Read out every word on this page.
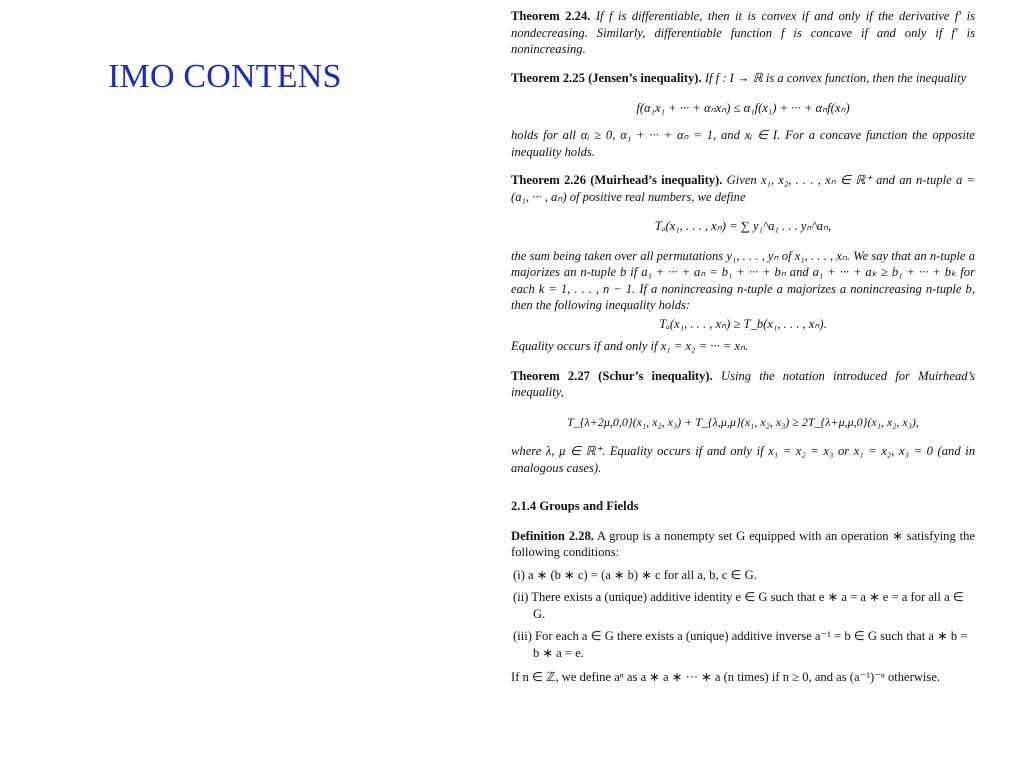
IMO CONTENS

Theorem 2.24. If f is differentiable, then it is convex if and only if the derivative f′ is nondecreasing. Similarly, differentiable function f is concave if and only if f′ is nonincreasing.

Theorem 2.25 (Jensen’s inequality). If f : I → ℝ is a convex function, then the inequality

f(α₁x₁ + ··· + αₙxₙ) ≤ α₁f(x₁) + ··· + αₙf(xₙ)

holds for all αᵢ ≥ 0, α₁ + ··· + αₙ = 1, and xᵢ ∈ I. For a concave function the opposite inequality holds.

Theorem 2.26 (Muirhead’s inequality). Given x₁, x₂, . . . , xₙ ∈ ℝ⁺ and an n-tuple a = (a₁, ··· , aₙ) of positive real numbers, we define

Tₐ(x₁, . . . , xₙ) = ∑ y₁^a₁ . . . yₙ^aₙ,

the sum being taken over all permutations y₁, . . . , yₙ of x₁, . . . , xₙ. We say that an n-tuple a majorizes an n-tuple b if a₁ + ··· + aₙ = b₁ + ··· + bₙ and a₁ + ··· + aₖ ≥ b₁ + ··· + bₖ for each k = 1, . . . , n − 1. If a nonincreasing n-tuple a majorizes a nonincreasing n-tuple b, then the following inequality holds:

Tₐ(x₁, . . . , xₙ) ≥ T_b(x₁, . . . , xₙ).

Equality occurs if and only if x₁ = x₂ = ··· = xₙ.

Theorem 2.27 (Schur’s inequality). Using the notation introduced for Muirhead’s inequality,

T_{λ+2μ,0,0}(x₁, x₂, x₃) + T_{λ,μ,μ}(x₁, x₂, x₃) ≥ 2T_{λ+μ,μ,0}(x₁, x₂, x₃),

where λ, μ ∈ ℝ⁺. Equality occurs if and only if x₁ = x₂ = x₃ or x₁ = x₂, x₃ = 0 (and in analogous cases).

2.1.4 Groups and Fields

Definition 2.28. A group is a nonempty set G equipped with an operation ∗ satisfying the following conditions:

(i) a ∗ (b ∗ c) = (a ∗ b) ∗ c for all a, b, c ∈ G.

(ii) There exists a (unique) additive identity e ∈ G such that e ∗ a = a ∗ e = a for all a ∈ G.

(iii) For each a ∈ G there exists a (unique) additive inverse a⁻¹ = b ∈ G such that a ∗ b = b ∗ a = e.

If n ∈ ℤ, we define aⁿ as a ∗ a ∗ ··· ∗ a (n times) if n ≥ 0, and as (a⁻¹)⁻ⁿ otherwise.
